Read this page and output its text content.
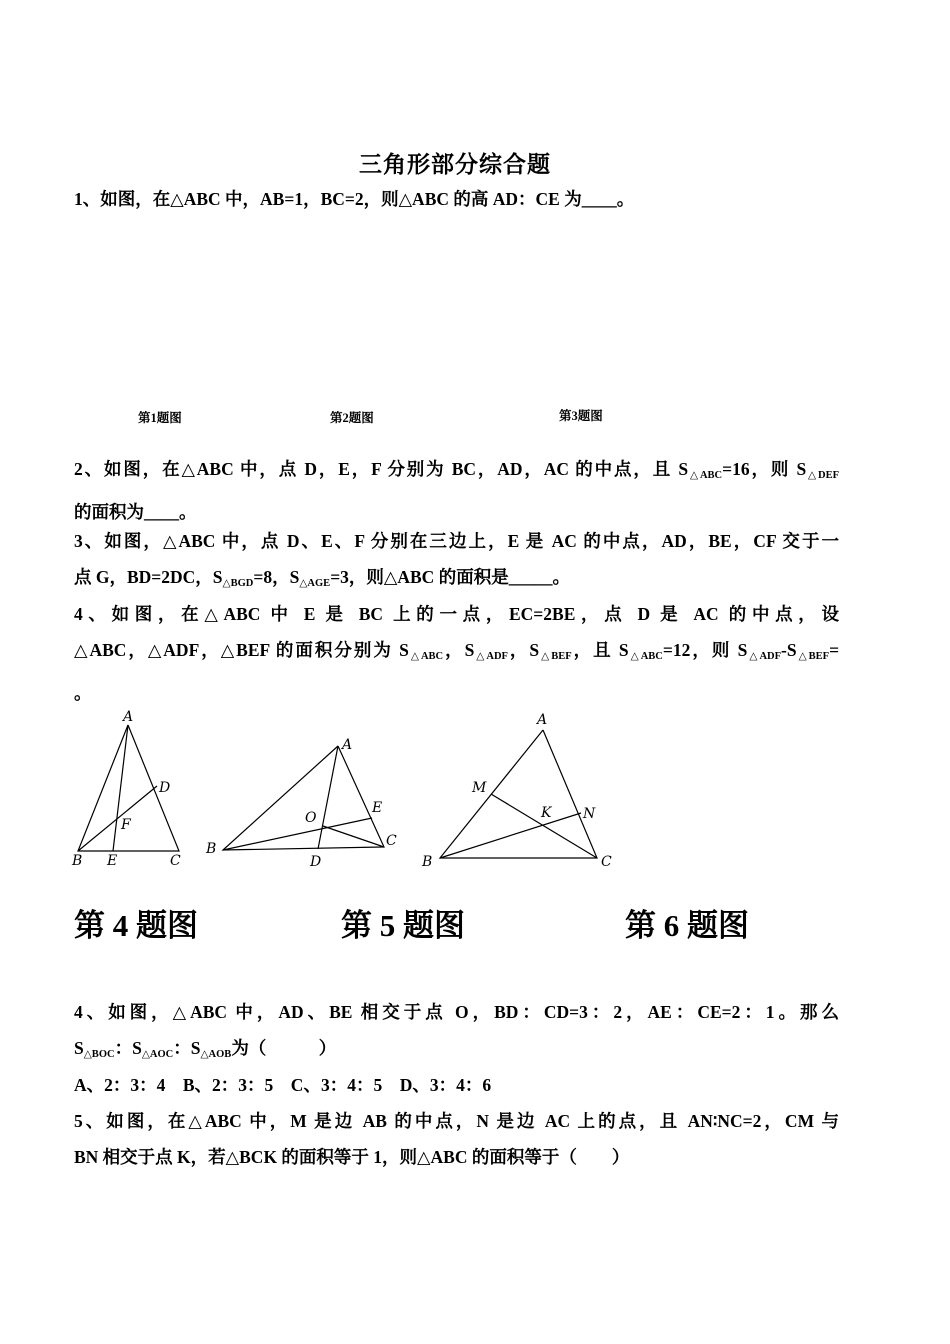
三角形部分综合题

1、如图，在△ABC 中，AB=1，BC=2，则△ABC 的高 AD：CE 为____。

第1题图	第2题图	第3题图

2、如图，在△ABC 中，点 D，E，F 分别为 BC，AD，AC 的中点，且 $S_{\triangle ABC}=16$，则 $S_{\triangle DEF}$
的面积为____。

3、如图，△ABC 中，点 D、E、F 分别在三边上，E 是 AC 的中点，AD，BE，CF 交于一
点 G，BD=2DC，$S_{\triangle BGD}=8$，$S_{\triangle AGE}=3$，则△ABC 的面积是_____。

4、如图，在△ABC 中 E 是 BC 上的一点，EC=2BE，点 D 是 AC 的中点，设
△ABC，△ADF，△BEF 的面积分别为 $S_{\triangle ABC}$，$S_{\triangle ADF}$，$S_{\triangle BEF}$，且 $S_{\triangle ABC}=12$，则 $S_{\triangle ADF}-S_{\triangle BEF}=$
。

A
B	C
D
E
F
A
B	C
D
E
O
A
B	C
M
N
K
第 4 题图	第 5 题图	第 6 题图

4、如图，△ABC 中，AD、BE 相交于点 O，BD：CD=3：2，AE：CE=2：1。那么
$S_{\triangle BOC}$：$S_{\triangle AOC}$：$S_{\triangle AOB}$为（　　　）

A、2：3：4　B、2：3：5　C、3：4：5　D、3：4：6

5、如图，在△ABC 中，M 是边 AB 的中点，N 是边 AC 上的点，且 AN∶NC=2，CM 与
BN 相交于点 K，若△BCK 的面积等于 1，则△ABC 的面积等于（　　）
